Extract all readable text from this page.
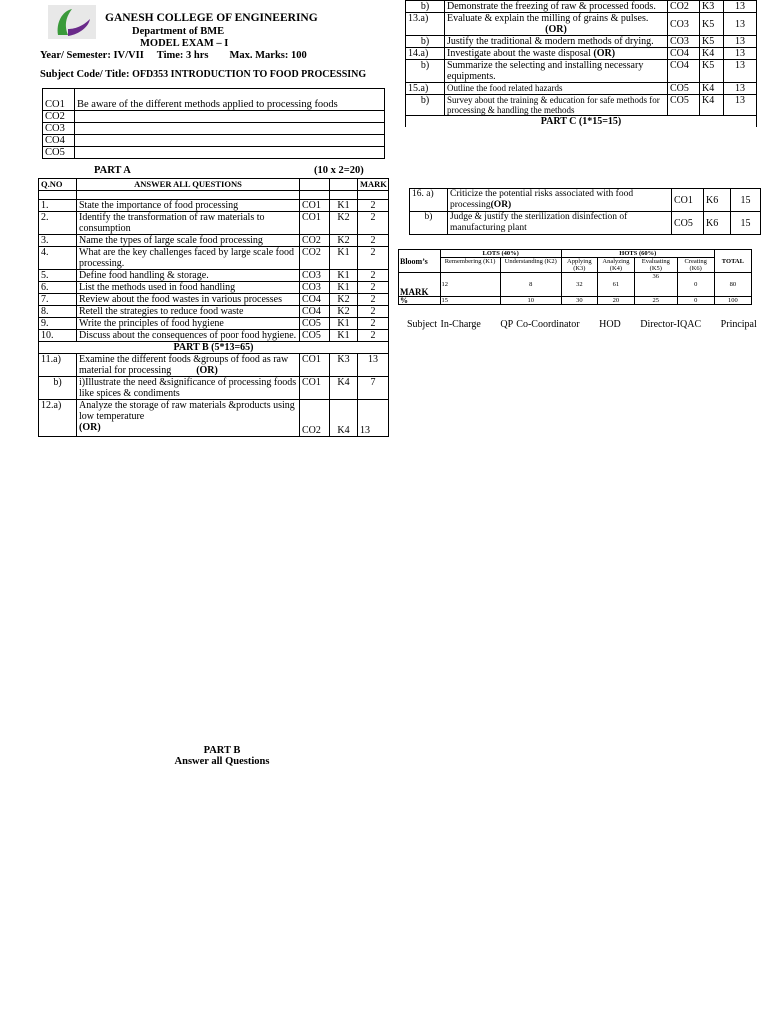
GANESH COLLEGE OF ENGINEERING
Department of BME
MODEL EXAM – I
Year/ Semester: IV/VII Time: 3 hrs Max. Marks: 100
Subject Code/ Title: OFD353 INTRODUCTION TO FOOD PROCESSING
CO1	Be aware of the different methods applied to processing foods
CO2	
CO3	
CO4	
CO5	
PART A	(10 x 2=20)
Q.NO	ANSWER ALL QUESTIONS			MARK

1.	State the importance of food processing	CO1	K1	2
2.	Identify the transformation of raw materials to consumption	CO1	K2	2
3.	Name the types of large scale food processing	CO2	K2	2
4.	What are the key challenges faced by large scale food processing.	CO2	K1	2
5.	Define food handling & storage.	CO3	K1	2
6.	List the methods used in food handling	CO3	K1	2
7.	Review about the food wastes in various processes	CO4	K2	2
8.	Retell the strategies to reduce food waste	CO4	K2	2
9.	Write the principles of food hygiene	CO5	K1	2
10.	Discuss about the consequences of poor food hygiene.	CO5	K1	2
PART B (5*13=65)				
11.a)	Examine the different foods &groups of food as raw material for processing (OR)	CO1	K3	13
b)	i)Illustrate the need &significance of processing foods like spices & condiments	CO1	K4	7
12.a)	Analyze the storage of raw materials &products using low temperature
(OR)	CO2	K4	13
b)	Demonstrate the freezing of raw & processed foods.	CO2	K3	13
13.a)	Evaluate & explain the milling of grains & pulses.
(OR)	CO3	K5	13
b)	Justify the traditional & modern methods of drying.	CO3	K5	13
14.a)	Investigate about the waste disposal (OR)	CO4	K4	13
b)	Summarize the selecting and installing necessary equipments.	CO4	K5	13
15.a)	Outline the food related hazards	CO5	K4	13
b)	Survey about the training & education for safe methods for processing & handling the methods	CO5	K4	13
PART C (1*15=15)				
16. a)	Criticize the potential risks associated with food processing(OR)	CO1	K6	15
b)	Judge & justify the sterilization disinfection of manufacturing plant	CO5	K6	15
Bloom’s	LOTS (40%)		HOTS (60%)				TOTAL
	Remembering (K1)	Understanding (K2)	Applying (K3)	Analyzing (K4)	Evaluating (K5)	Creating (K6)	
MARK	12	8	32	61	36	0	80
%	15	10	30	20	25	0	100
Subject In-Charge QP Co-Coordinator HOD Director-IQAC Principal
PART B
Answer all Questions
